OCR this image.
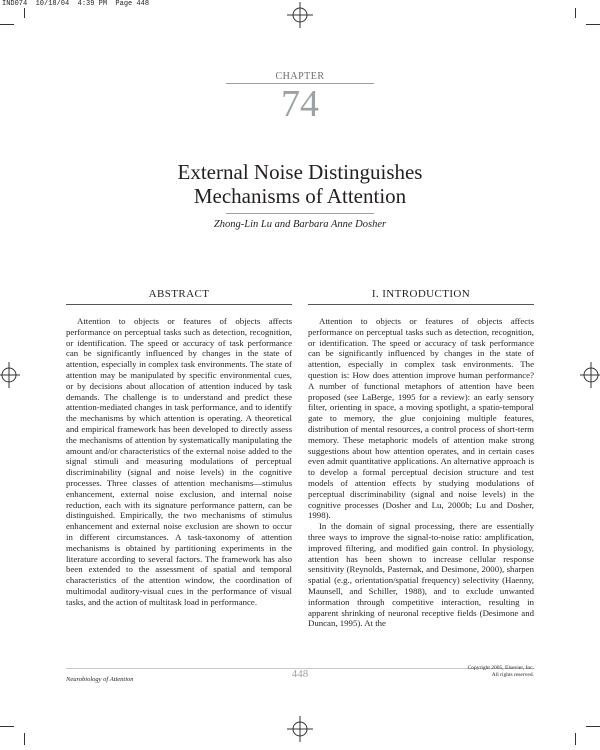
IND074  10/18/04  4:39 PM  Page 448
CHAPTER
74
External Noise Distinguishes
Mechanisms of Attention
Zhong-Lin Lu and Barbara Anne Dosher
ABSTRACT

Attention to objects or features of objects affects performance on perceptual tasks such as detection, recognition, or identification. The speed or accuracy of task performance can be significantly influenced by changes in the state of attention, especially in complex task environments. The state of attention may be manipulated by specific environmental cues, or by decisions about allocation of attention induced by task demands. The challenge is to understand and predict these attention-mediated changes in task performance, and to identify the mechanisms by which attention is operating. A theoretical and empirical framework has been developed to directly assess the mechanisms of attention by systematically manipulating the amount and/or characteristics of the external noise added to the signal stimuli and measuring modulations of perceptual discriminability (signal and noise levels) in the cognitive processes. Three classes of attention mechanisms—stimulus enhancement, external noise exclusion, and internal noise reduction, each with its signature performance pattern, can be distinguished. Empirically, the two mechanisms of stimulus enhancement and external noise exclusion are shown to occur in different circumstances. A task-taxonomy of attention mechanisms is obtained by partitioning experiments in the literature according to several factors. The framework has also been extended to the assessment of spatial and temporal characteristics of the attention window, the coordination of multimodal auditory-visual cues in the performance of visual tasks, and the action of multitask load in performance.

I. INTRODUCTION

Attention to objects or features of objects affects performance on perceptual tasks such as detection, recognition, or identification. The speed or accuracy of task performance can be significantly influenced by changes in the state of attention, especially in complex task environments. The question is: How does attention improve human performance? A number of functional metaphors of attention have been proposed (see LaBerge, 1995 for a review): an early sensory filter, orienting in space, a moving spotlight, a spatio-temporal gate to memory, the glue conjoining multiple features, distribution of mental resources, a control process of short-term memory. These metaphoric models of attention make strong suggestions about how attention operates, and in certain cases even admit quantitative applications. An alternative approach is to develop a formal perceptual decision structure and test models of attention effects by studying modulations of perceptual discriminability (signal and noise levels) in the cognitive processes (Dosher and Lu, 2000b; Lu and Dosher, 1998).

In the domain of signal processing, there are essentially three ways to improve the signal-to-noise ratio: amplification, improved filtering, and modified gain control. In physiology, attention has been shown to increase cellular response sensitivity (Reynolds, Pasternak, and Desimone, 2000), sharpen spatial (e.g., orientation/spatial frequency) selectivity (Haenny, Maunsell, and Schiller, 1988), and to exclude unwanted information through competitive interaction, resulting in apparent shrinking of neuronal receptive fields (Desimone and Duncan, 1995). At the

Neurobiology of Attention	448	Copyright 2005, Elsevier, Inc.
All rights reserved.
